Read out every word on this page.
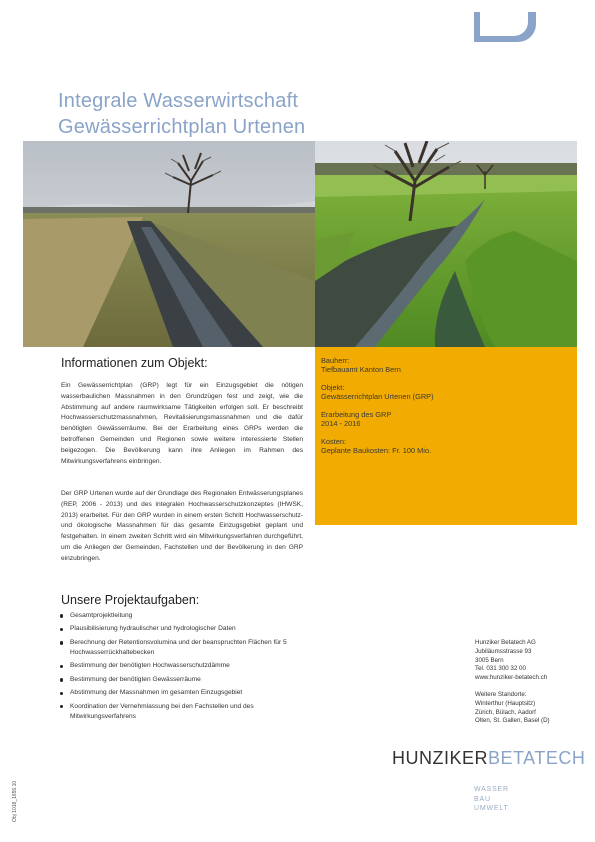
Integrale Wasserwirtschaft
Gewässerrichtplan Urtenen
Bauherr:
Tiefbauamt Kanton Bern
Objekt:
Gewässerrichtplan Urtenen (GRP)
Erarbeitung des GRP
2014 - 2016
Kosten:
Geplante Baukosten: Fr. 100 Mio.
Informationen zum Objekt:

Ein Gewässerrichtplan (GRP) legt für ein Einzugsgebiet die nötigen wasserbaulichen Massnahmen in den Grundzügen fest und zeigt, wie die Abstimmung auf andere raumwirksame Tätigkeiten erfolgen soll. Er beschreibt Hochwasserschutzmassnahmen, Revitalisierungsmassnahmen und die dafür benötigten Gewässerräume. Bei der Erarbeitung eines GRPs werden die betroffenen Gemeinden und Regionen sowie weitere interessierte Stellen beigezogen. Die Bevölkerung kann ihre Anliegen im Rahmen des Mitwirkungsverfahrens einbringen.

Der GRP Urtenen wurde auf der Grundlage des Regionalen Entwässerungsplanes (REP, 2006 - 2013) und des integralen Hochwasserschutzkonzeptes (IHWSK, 2013) erarbeitet. Für den GRP wurden in einem ersten Schritt Hochwasserschutz- und ökologische Massnahmen für das gesamte Einzugsgebiet geplant und festgehalten. In einem zweiten Schritt wird ein Mitwirkungsverfahren durchgeführt, um die Anliegen der Gemeinden, Fachstellen und der Bevölkerung in den GRP einzubringen.

Unsere Projektaufgaben:
Gesamtprojektleitung
Plausibilisierung hydraulischer und hydrologischer Daten
Berechnung der Retentionsvolumina und der beanspruchten Flächen für 5 Hochwasserrückhaltebecken
Bestimmung der benötigten Hochwasserschutzdämme
Bestimmung der benötigten Gewässerräume
Abstimmung der Massnahmen im gesamten Einzugsgebiet
Koordination der Vernehmlassung bei den Fachstellen und des Mitwirkungsverfahrens
Hunziker Betatech AG
Jubiläumsstrasse 93
3005 Bern
Tel. 031 300 32 00
www.hunziker-betatech.ch
Weitere Standorte:
Winterthur (Hauptsitz)
Zürich, Bülach, Aadorf
Olten, St. Gallen, Basel (D)
HUNZIKERBETATECH
WASSER
BAU
UMWELT
Obj 1018_1655.10
